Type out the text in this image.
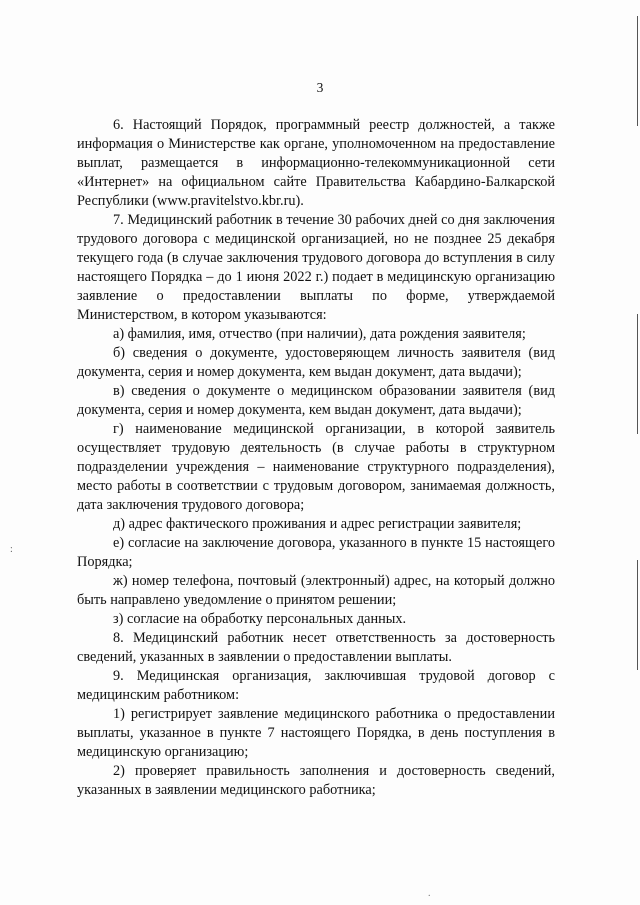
:
.
3

6. Настоящий Порядок, программный реестр должностей, а также информация о Министерстве как органе, уполномоченном на предоставление выплат, размещается в информационно-телекоммуникационной сети «Интернет» на официальном сайте Правительства Кабардино-Балкарской Республики (www.pravitelstvo.kbr.ru).

7. Медицинский работник в течение 30 рабочих дней со дня заключения трудового договора с медицинской организацией, но не позднее 25 декабря текущего года (в случае заключения трудового договора до вступления в силу настоящего Порядка – до 1 июня 2022 г.) подает в медицинскую организацию заявление о предоставлении выплаты по форме, утверждаемой Министерством, в котором указываются:

а) фамилия, имя, отчество (при наличии), дата рождения заявителя;

б) сведения о документе, удостоверяющем личность заявителя (вид документа, серия и номер документа, кем выдан документ, дата выдачи);

в) сведения о документе о медицинском образовании заявителя (вид документа, серия и номер документа, кем выдан документ, дата выдачи);

г) наименование медицинской организации, в которой заявитель осуществляет трудовую деятельность (в случае работы в структурном подразделении учреждения – наименование структурного подразделения), место работы в соответствии с трудовым договором, занимаемая должность, дата заключения трудового договора;

д) адрес фактического проживания и адрес регистрации заявителя;

е) согласие на заключение договора, указанного в пункте 15 настоящего Порядка;

ж) номер телефона, почтовый (электронный) адрес, на который должно быть направлено уведомление о принятом решении;

з) согласие на обработку персональных данных.

8. Медицинский работник несет ответственность за достоверность сведений, указанных в заявлении о предоставлении выплаты.

9. Медицинская организация, заключившая трудовой договор с медицинским работником:

1) регистрирует заявление медицинского работника о предоставлении выплаты, указанное в пункте 7 настоящего Порядка, в день поступления в медицинскую организацию;

2) проверяет правильность заполнения и достоверность сведений, указанных в заявлении медицинского работника;
